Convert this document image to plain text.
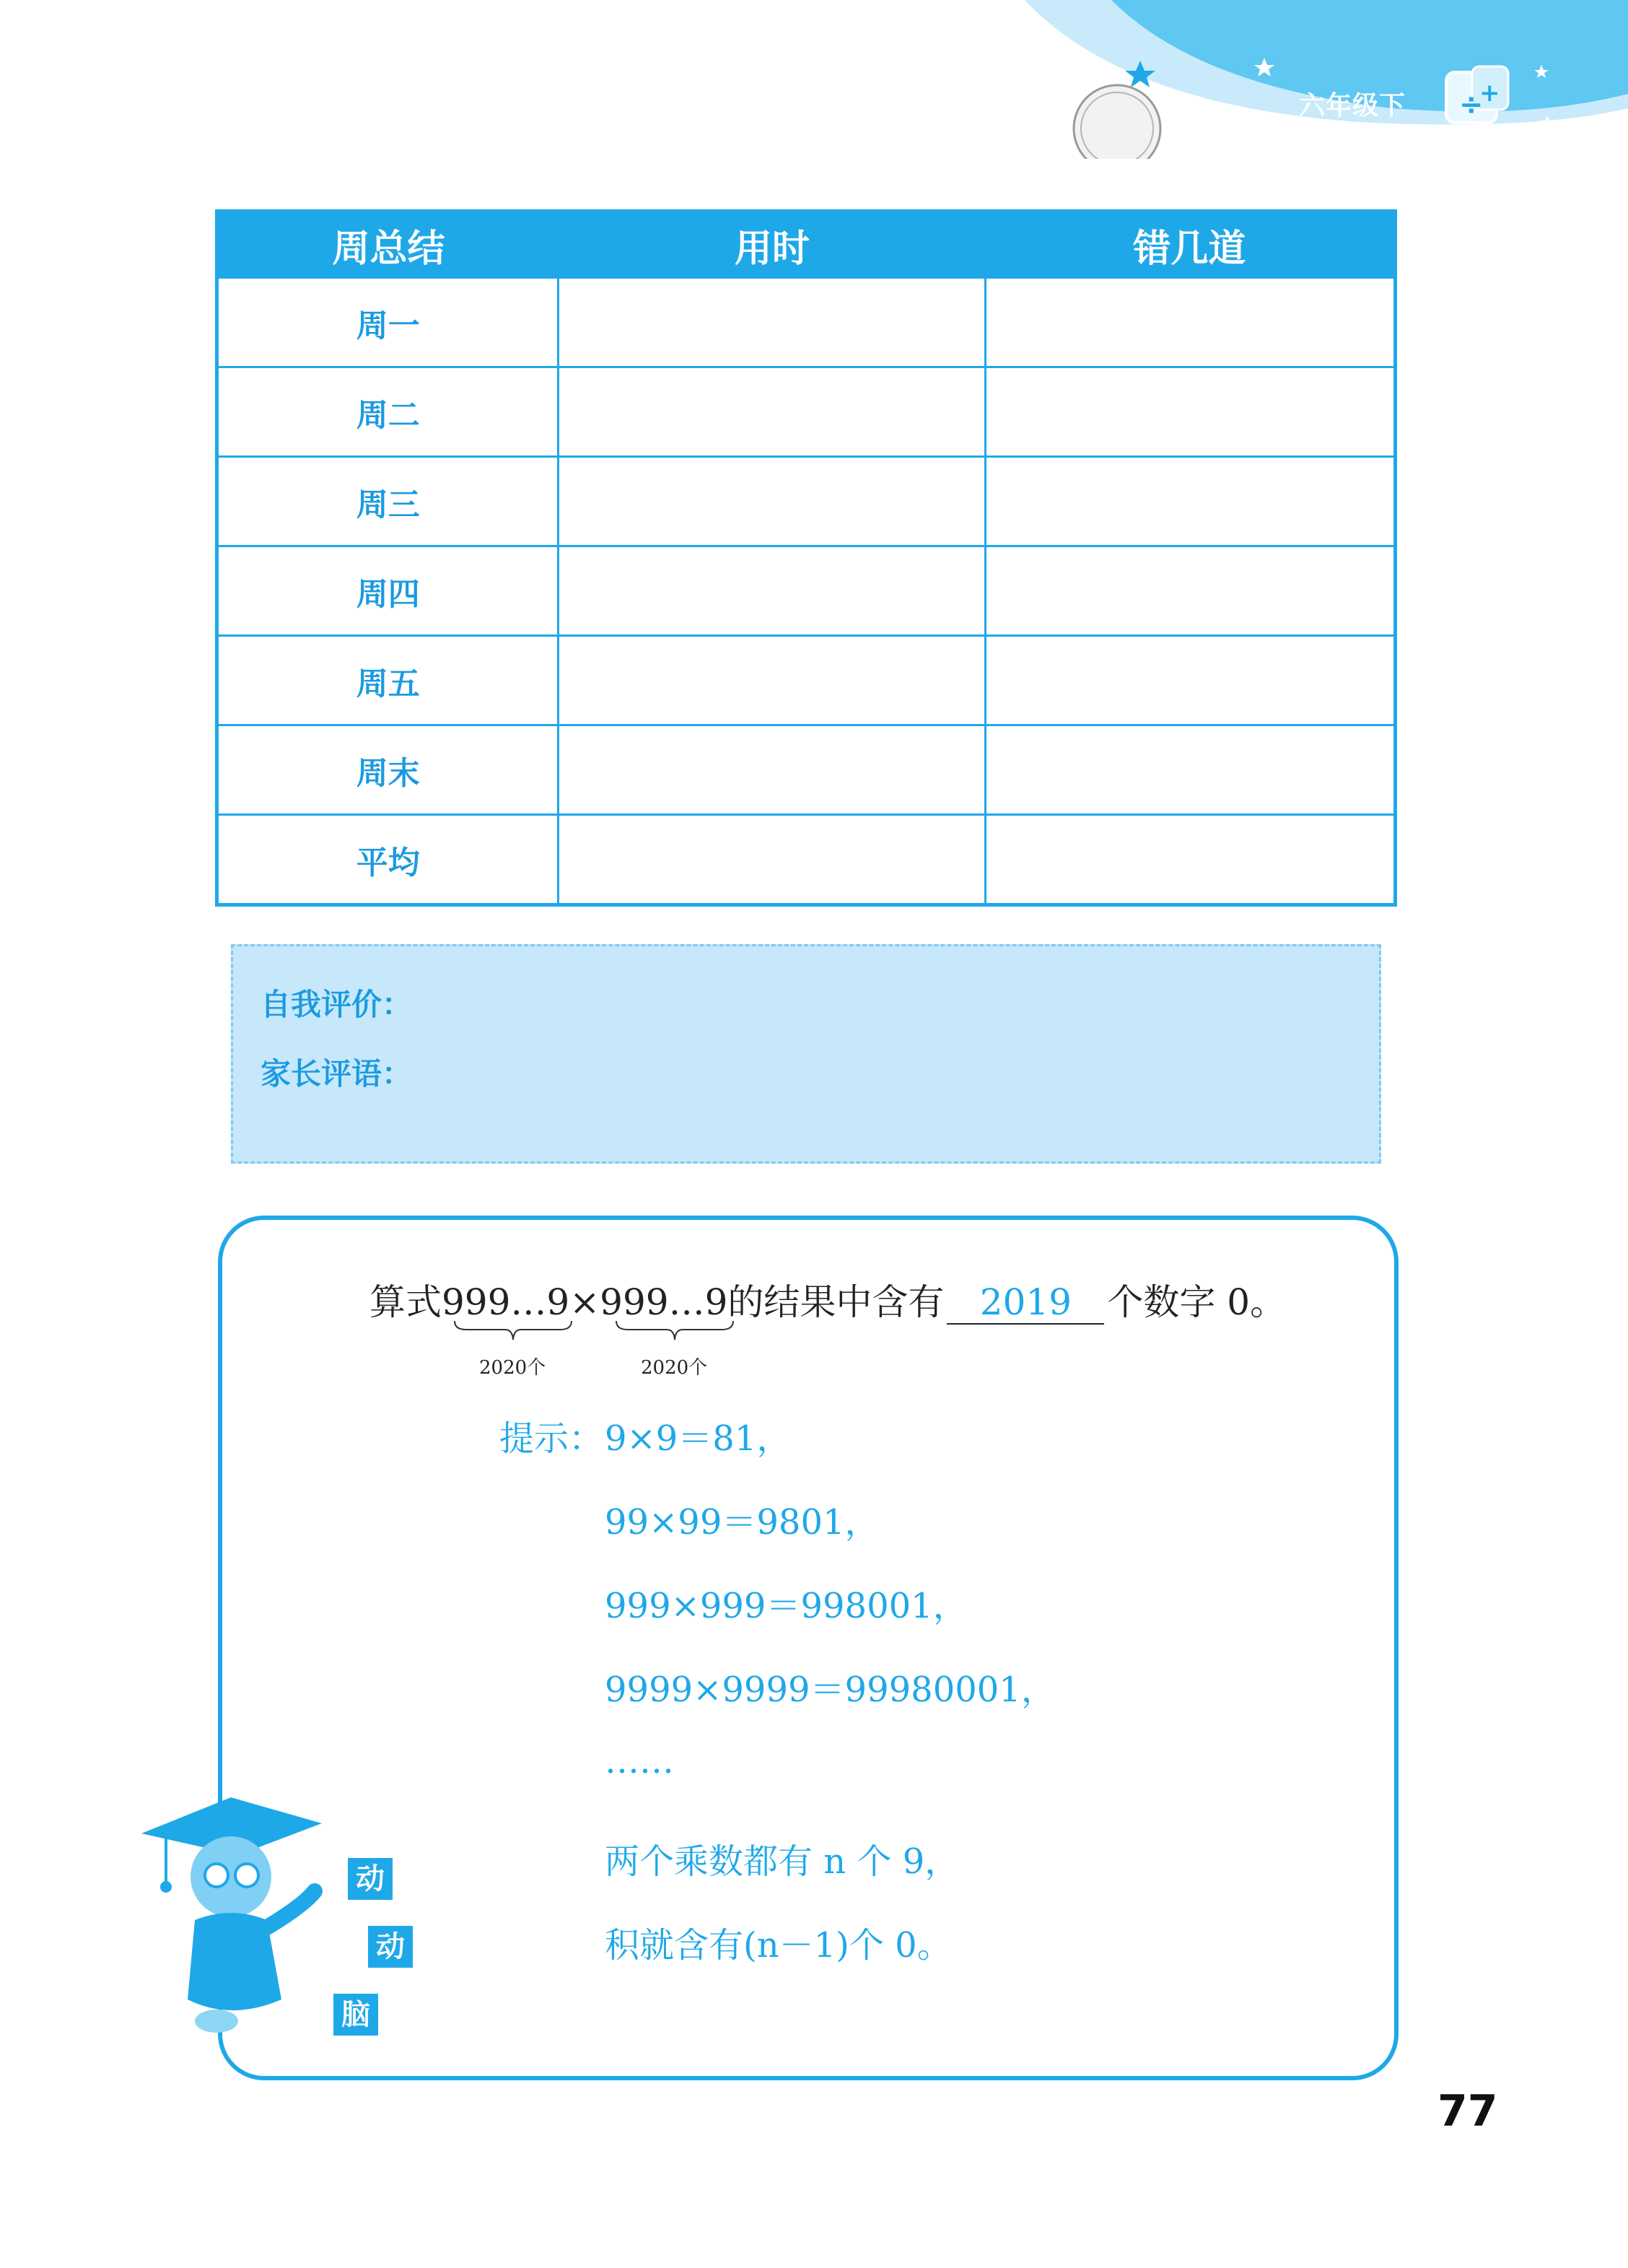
÷
+
六年级下
周总结	用时	错几道
周一		
周二		
周三		
周四		
周五		
周末		
平均		
自我评价：
家长评语：
算式999…9×999…9的结果中含有 2019 个数字 0。
2020个	2020个
提示： 9×9＝81，
99×99＝9801，
999×999＝998001，
9999×9999＝99980001，
……
两个乘数都有 n 个 9，
积就含有(n－1)个 0。
动
动
脑
77
